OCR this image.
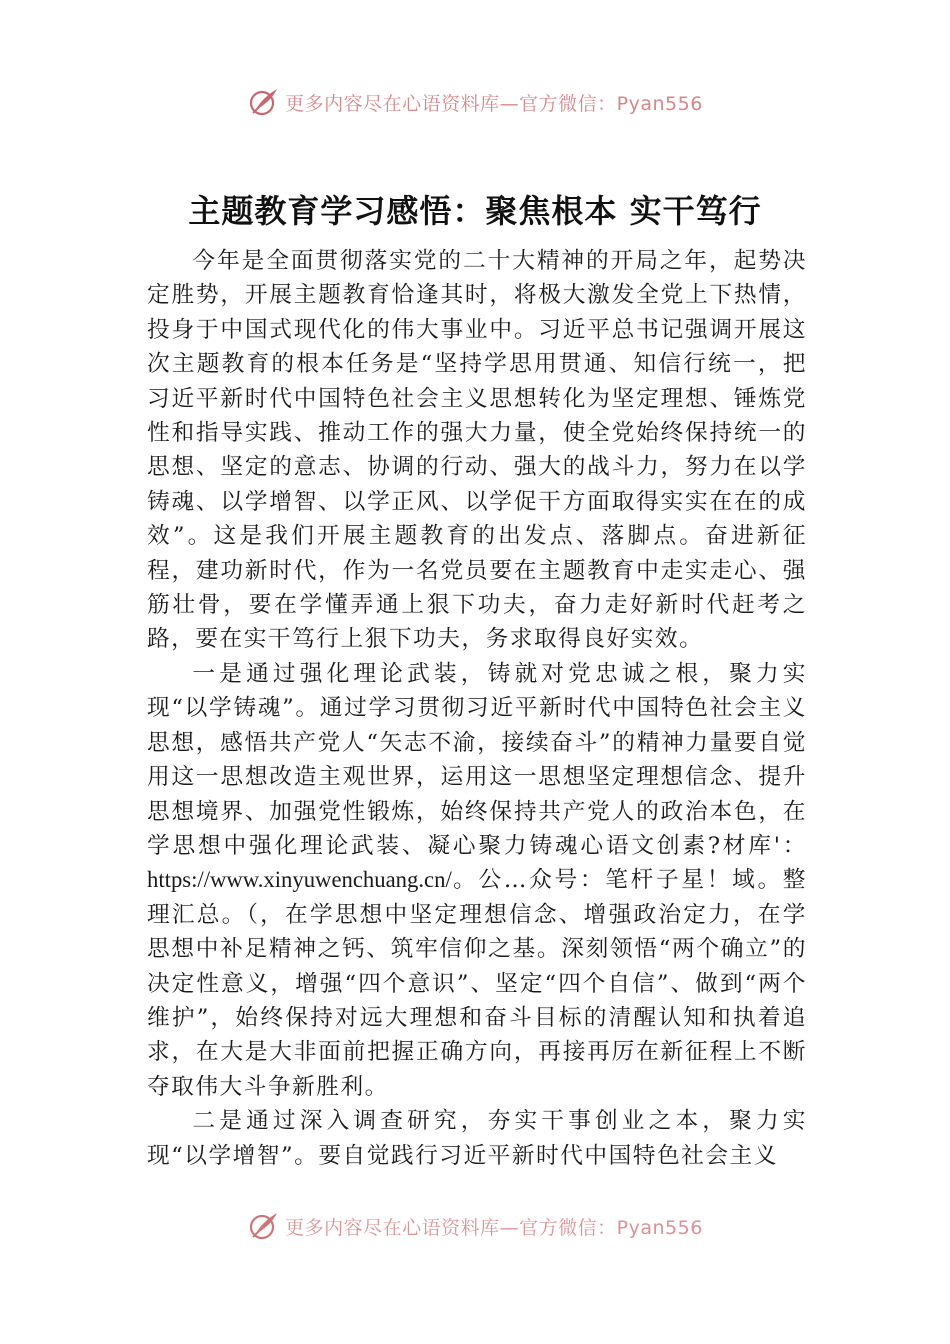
更多内容尽在心语资料库—官方微信：Pyan556
主题教育学习感悟：聚焦根本 实干笃行

今年是全面贯彻落实党的二十大精神的开局之年，起势决定胜势，开展主题教育恰逢其时，将极大激发全党上下热情，投身于中国式现代化的伟大事业中。习近平总书记强调开展这次主题教育的根本任务是“坚持学思用贯通、知信行统一，把习近平新时代中国特色社会主义思想转化为坚定理想、锤炼党性和指导实践、推动工作的强大力量，使全党始终保持统一的思想、坚定的意志、协调的行动、强大的战斗力，努力在以学铸魂、以学增智、以学正风、以学促干方面取得实实在在的成效”。这是我们开展主题教育的出发点、落脚点。奋进新征程，建功新时代，作为一名党员要在主题教育中走实走心、强筋壮骨，要在学懂弄通上狠下功夫，奋力走好新时代赶考之路，要在实干笃行上狠下功夫，务求取得良好实效。

一是通过强化理论武装，铸就对党忠诚之根，聚力实现“以学铸魂”。通过学习贯彻习近平新时代中国特色社会主义思想，感悟共产党人“矢志不渝，接续奋斗”的精神力量要自觉用这一思想改造主观世界，运用这一思想坚定理想信念、提升思想境界、加强党性锻炼，始终保持共产党人的政治本色，在学思想中强化理论武装、凝心聚力铸魂心语文创素?材库'：https://www.xinyuwenchuang.cn/。公…众号：笔杆子星！域。整理汇总。（，在学思想中坚定理想信念、增强政治定力，在学思想中补足精神之钙、筑牢信仰之基。深刻领悟“两个确立”的决定性意义，增强“四个意识”、坚定“四个自信”、做到“两个维护”，始终保持对远大理想和奋斗目标的清醒认知和执着追求，在大是大非面前把握正确方向，再接再厉在新征程上不断夺取伟大斗争新胜利。

二是通过深入调查研究，夯实干事创业之本，聚力实现“以学增智”。要自觉践行习近平新时代中国特色社会主义

更多内容尽在心语资料库—官方微信：Pyan556
